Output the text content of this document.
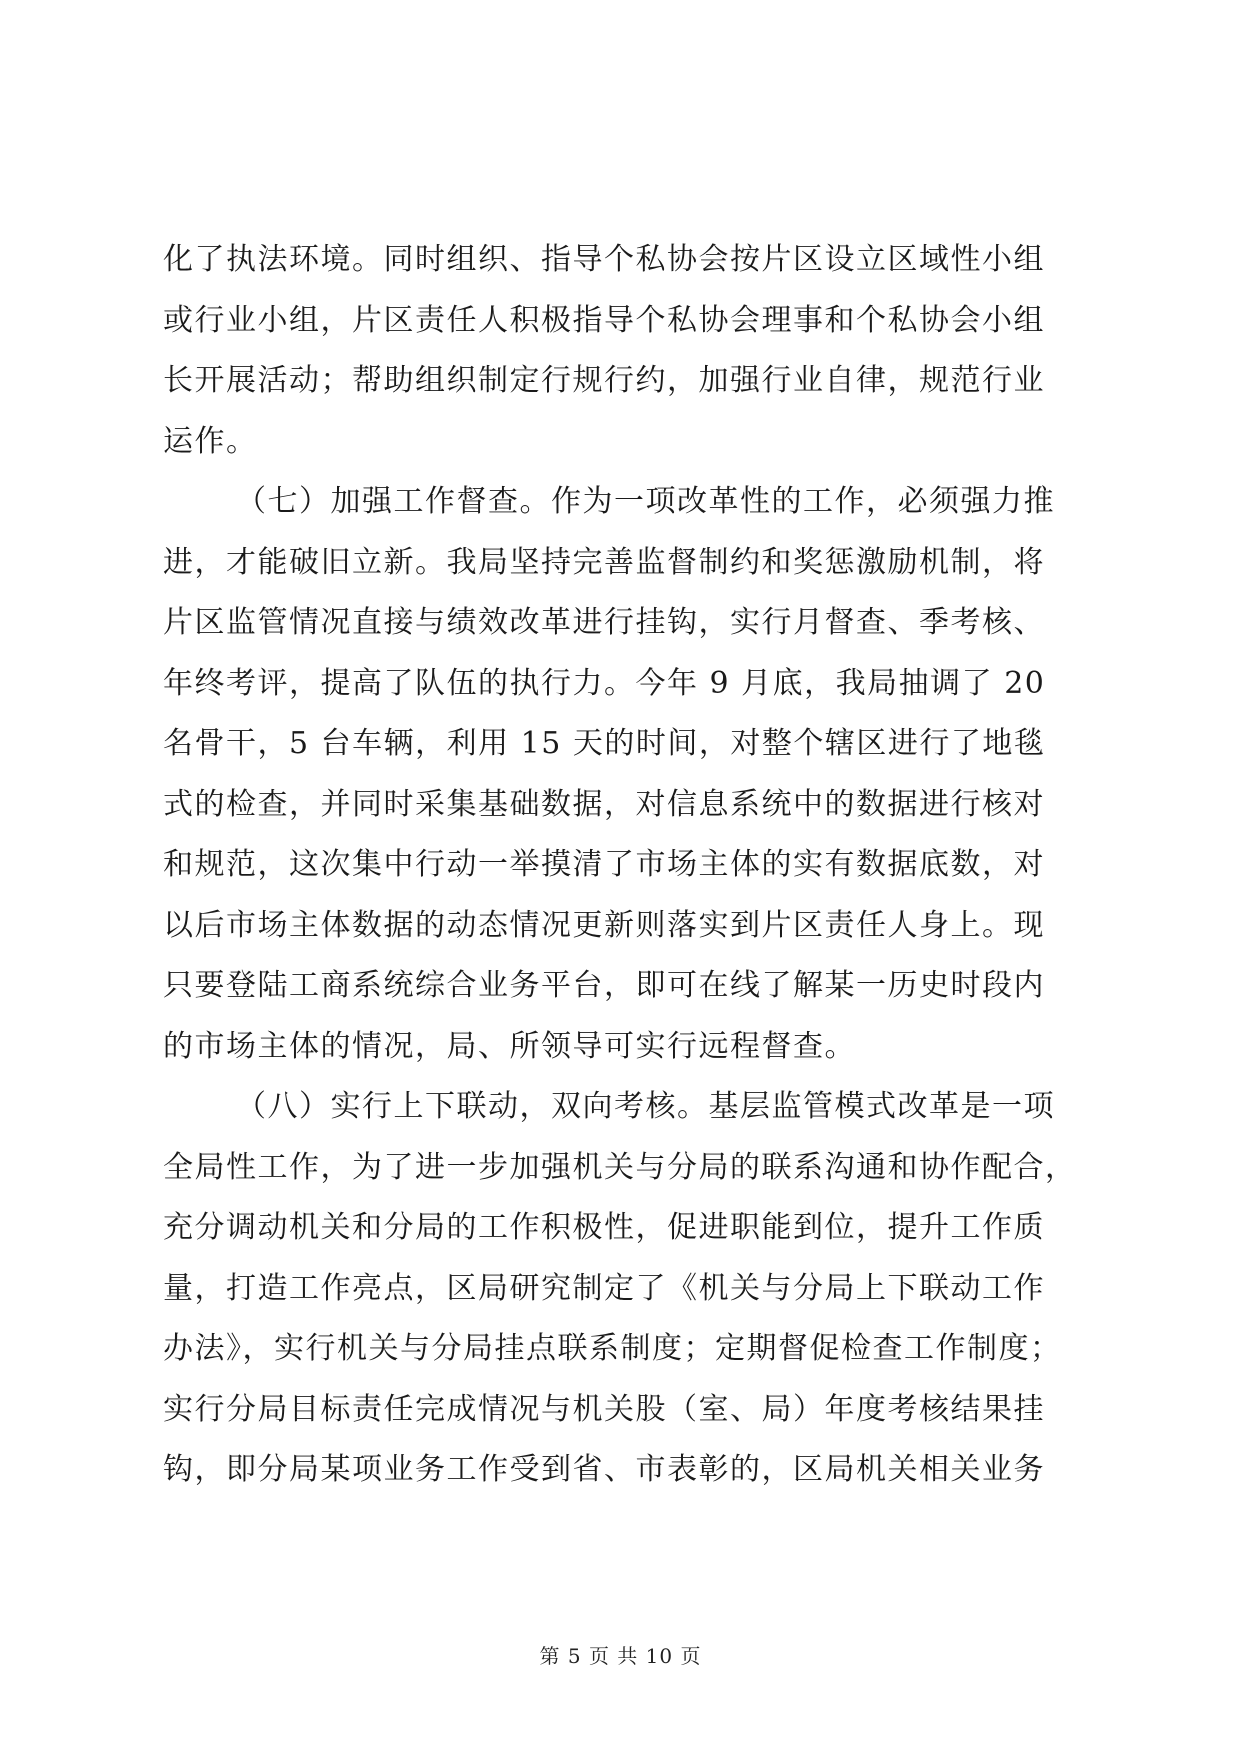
化了执法环境。同时组织、指导个私协会按片区设立区域性小组
或行业小组，片区责任人积极指导个私协会理事和个私协会小组
长开展活动；帮助组织制定行规行约，加强行业自律，规范行业
运作。
（七）加强工作督查。作为一项改革性的工作，必须强力推
进，才能破旧立新。我局坚持完善监督制约和奖惩激励机制，将
片区监管情况直接与绩效改革进行挂钩，实行月督查、季考核、
年终考评，提高了队伍的执行力。今年 9 月底，我局抽调了 20
名骨干，5 台车辆，利用 15 天的时间，对整个辖区进行了地毯
式的检查，并同时采集基础数据，对信息系统中的数据进行核对
和规范，这次集中行动一举摸清了市场主体的实有数据底数，对
以后市场主体数据的动态情况更新则落实到片区责任人身上。现
只要登陆工商系统综合业务平台，即可在线了解某一历史时段内
的市场主体的情况，局、所领导可实行远程督查。
（八）实行上下联动，双向考核。基层监管模式改革是一项
全局性工作，为了进一步加强机关与分局的联系沟通和协作配合，
充分调动机关和分局的工作积极性，促进职能到位，提升工作质
量，打造工作亮点，区局研究制定了《机关与分局上下联动工作
办法》，实行机关与分局挂点联系制度；定期督促检查工作制度；
实行分局目标责任完成情况与机关股（室、局）年度考核结果挂
钩，即分局某项业务工作受到省、市表彰的，区局机关相关业务
第 5 页 共 10 页
